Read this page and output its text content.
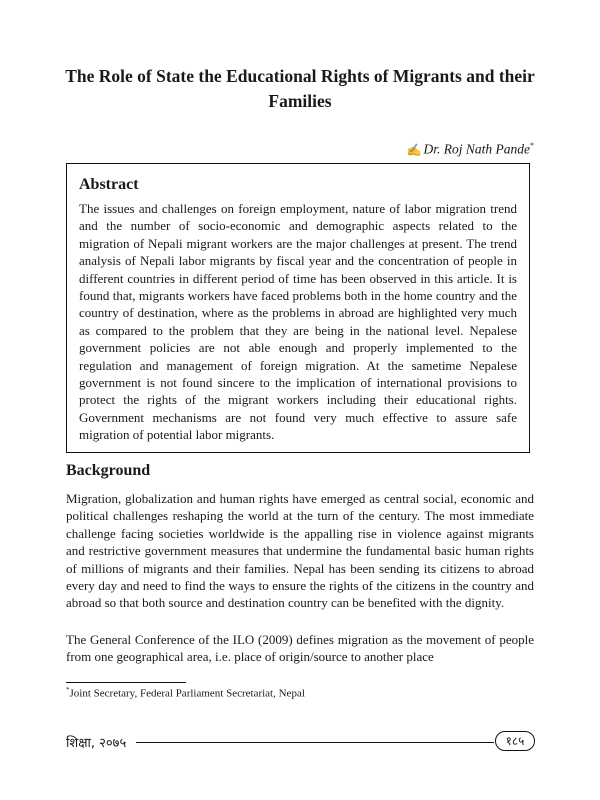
The Role of State the Educational Rights of Migrants and their Families
✍ Dr. Roj Nath Pande*
Abstract

The issues and challenges on foreign employment, nature of labor migration trend and the number of socio-economic and demographic aspects related to the migration of Nepali migrant workers are the major challenges at present. The trend analysis of Nepali labor migrants by fiscal year and the concentration of people in different countries in different period of time has been observed in this article. It is found that, migrants workers have faced problems both in the home country and the country of destination, where as the problems in abroad are highlighted very much as compared to the problem that they are being in the national level. Nepalese government policies are not able enough and properly implemented to the regulation and management of foreign migration. At the sametime Nepalese government is not found sincere to the implication of international provisions to protect the rights of the migrant workers including their educational rights. Government mechanisms are not found very much effective to assure safe migration of potential labor migrants.

Background

Migration, globalization and human rights have emerged as central social, economic and political challenges reshaping the world at the turn of the century. The most immediate challenge facing societies worldwide is the appalling rise in violence against migrants and restrictive government measures that undermine the fundamental basic human rights of millions of migrants and their families. Nepal has been sending its citizens to abroad every day and need to find the ways to ensure the rights of the citizens in the country and abroad so that both source and destination country can be benefited with the dignity.

The General Conference of the ILO (2009) defines migration as the movement of people from one geographical area, i.e. place of origin/source to another place

*Joint Secretary, Federal Parliament Secretariat, Nepal
शिक्षा, २०७५	१८५
